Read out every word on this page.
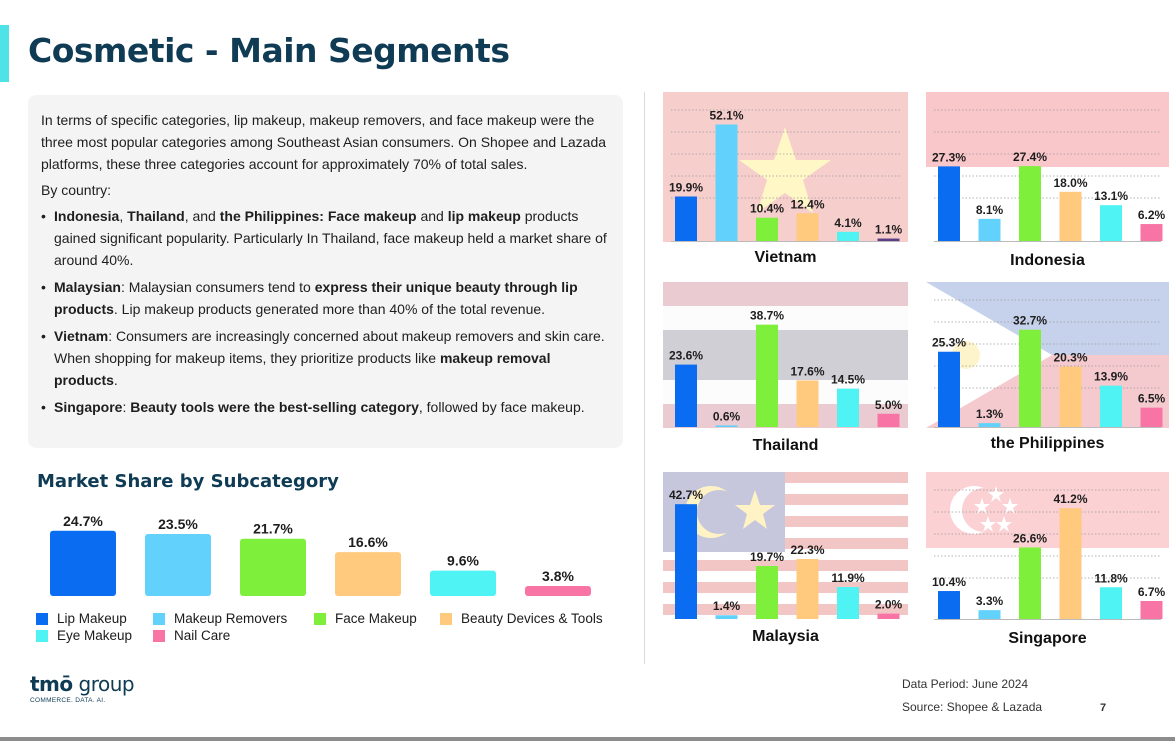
Cosmetic - Main Segments

In terms of specific categories, lip makeup, makeup removers, and face makeup were the three most popular categories among Southeast Asian consumers. On Shopee and Lazada platforms, these three categories account for approximately 70% of total sales.

By country:

• Indonesia, Thailand, and the Philippines: Face makeup and lip makeup products gained significant popularity. Particularly In Thailand, face makeup held a market share of around 40%.
• Malaysian: Malaysian consumers tend to express their unique beauty through lip products. Lip makeup products generated more than 40% of the total revenue.
• Vietnam: Consumers are increasingly concerned about makeup removers and skin care. When shopping for makeup items, they prioritize products like makeup removal products.
• Singapore: Beauty tools were the best-selling category, followed by face makeup.
Market Share by Subcategory
24.7%	23.5%	21.7%
16.6%
9.6%
3.8%
Lip Makeup	Makeup Removers	Face Makeup	Beauty Devices & Tools
Eye Makeup	Nail Care
19.9%
52.1%
10.4% 12.4%
4.1% 1.1%
Vietnam
27.3%
8.1%
27.4%
18.0%
13.1%
6.2%
Indonesia
23.6%
0.6%
38.7%
17.6%
14.5%
5.0%
Thailand
25.3%
1.3%
32.7%
20.3%
13.9%
6.5%
the Philippines
42.7%
1.4%
19.7% 22.3%
11.9%
2.0%
Malaysia
10.4%
3.3%
26.6%
41.2%
11.8%
6.7%
Singapore
tmō group
COMMERCE. DATA. AI.
Data Period: June 2024
Source: Shopee & Lazada	7
